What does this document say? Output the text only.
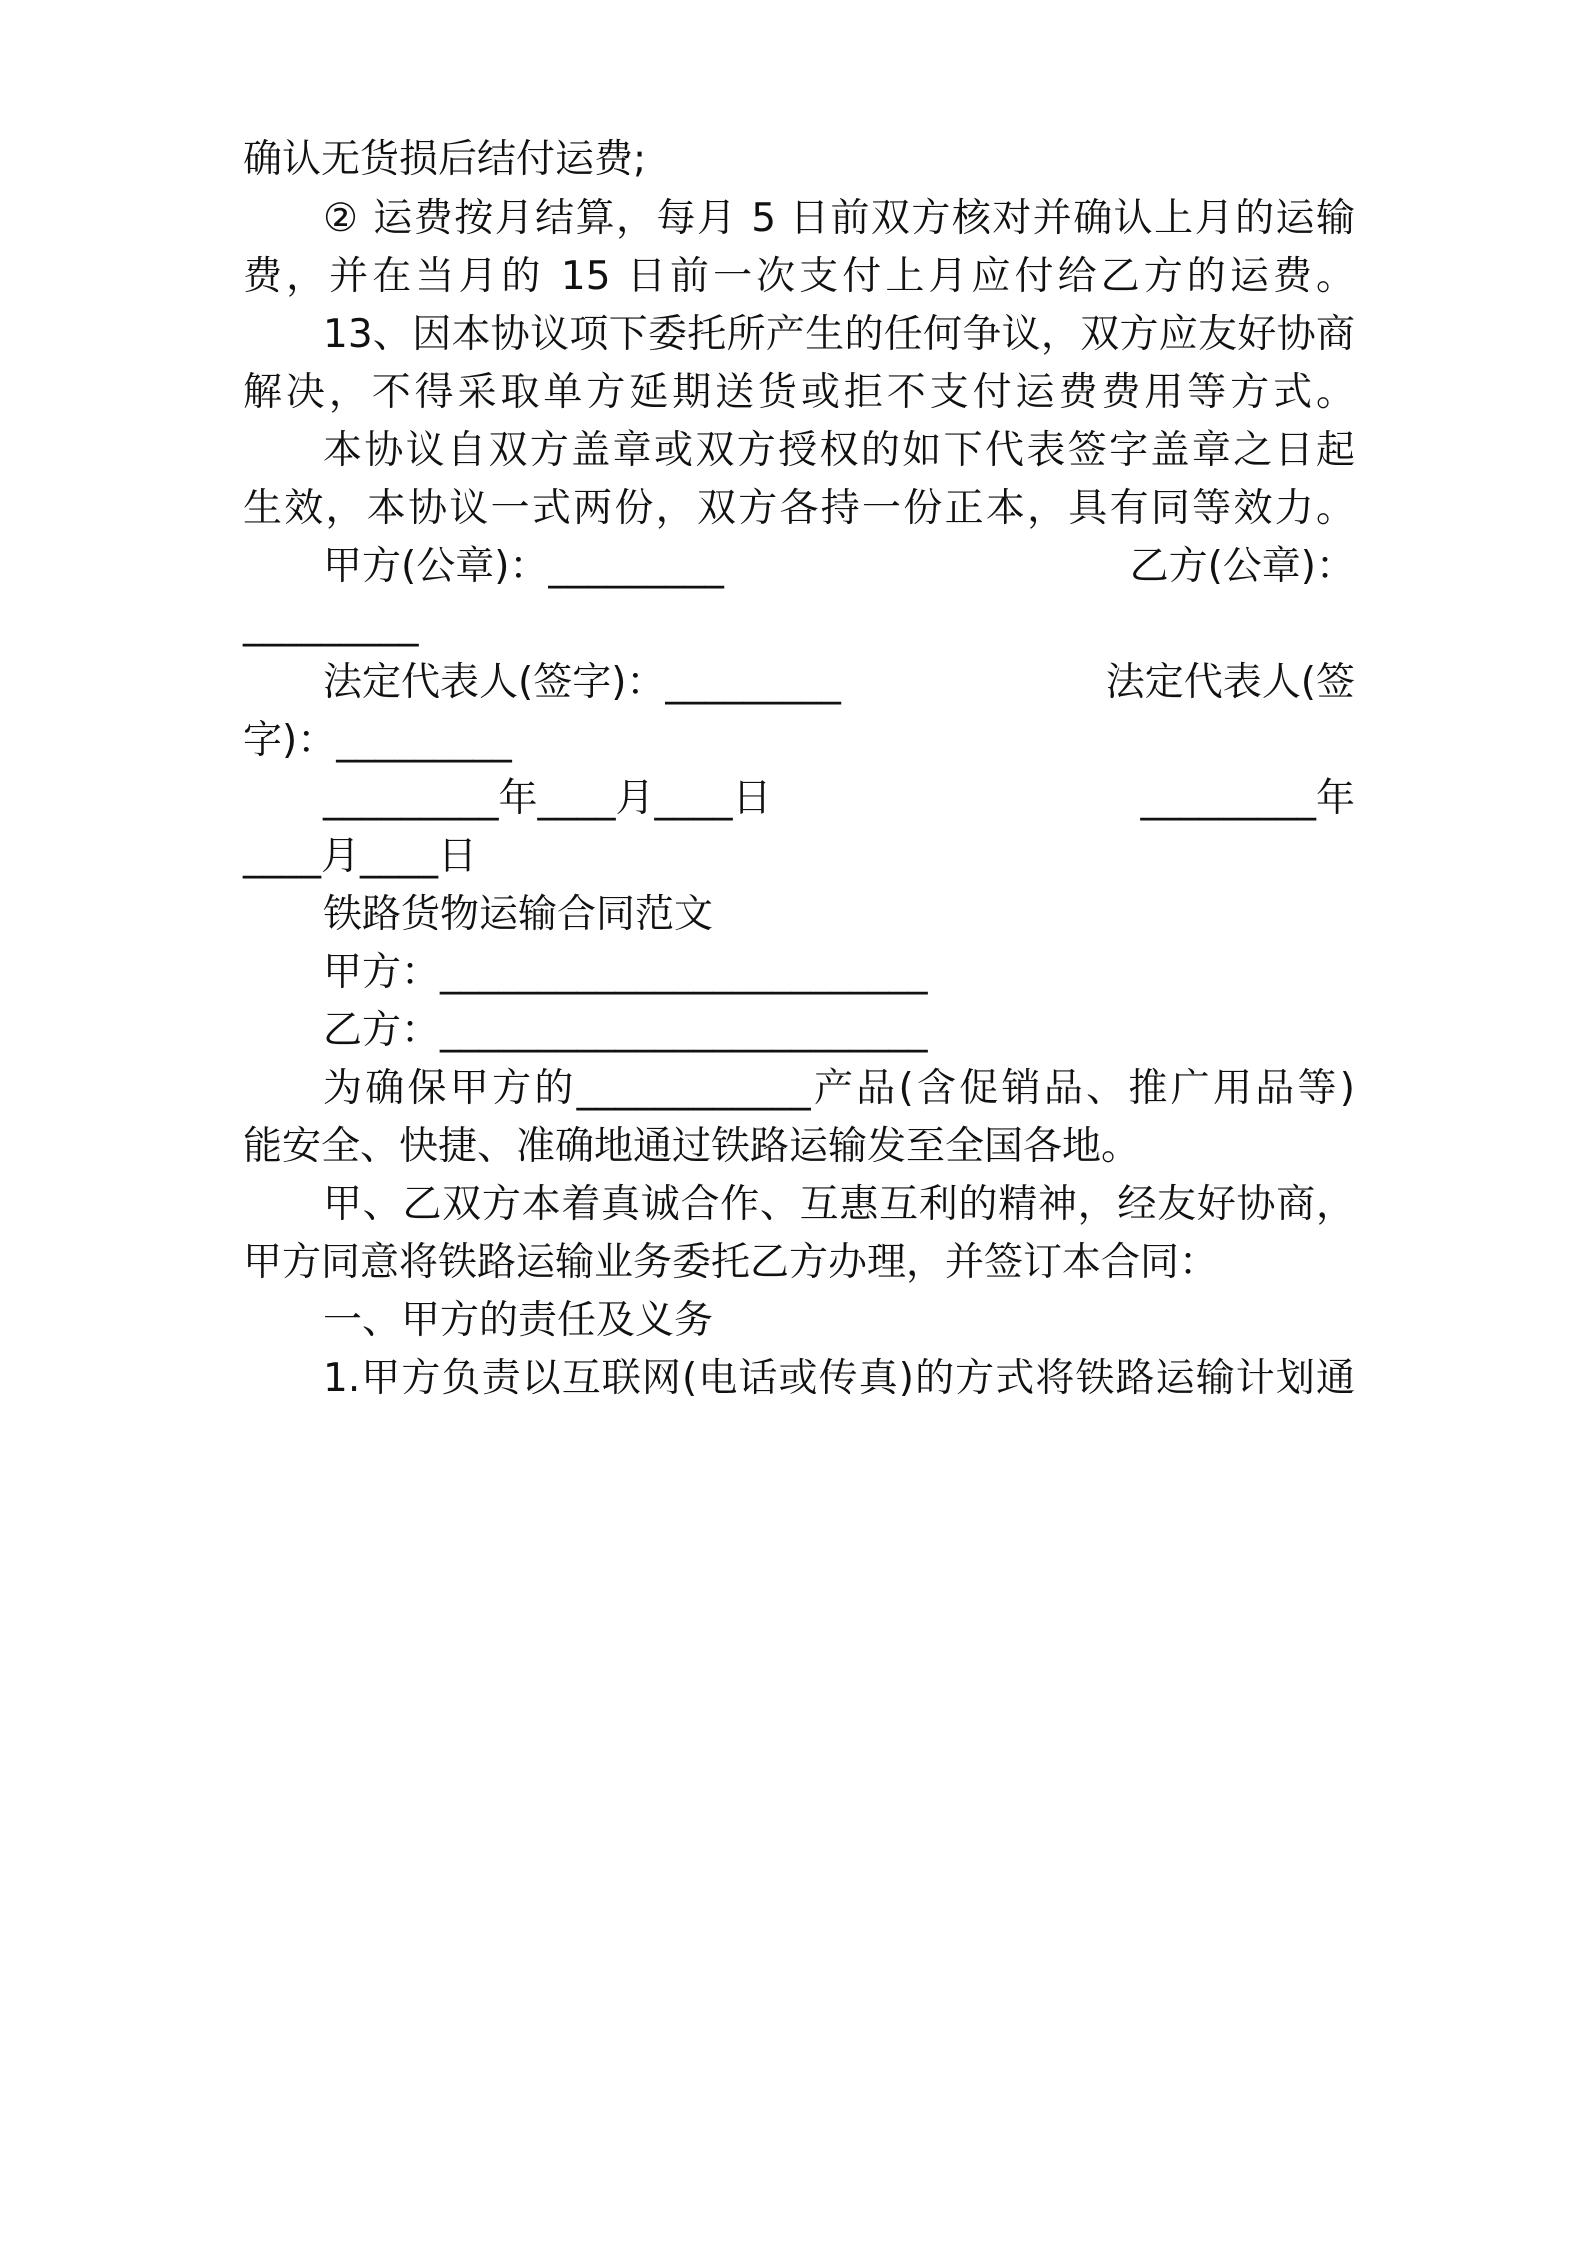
确认无货损后结付运费;
② 运费按月结算，每月 5 日前双方核对并确认上月的运输
费，并在当月的 15 日前一次支付上月应付给乙方的运费。
13、因本协议项下委托所产生的任何争议，双方应友好协商
解决，不得采取单方延期送货或拒不支付运费费用等方式。
本协议自双方盖章或双方授权的如下代表签字盖章之日起
生效，本协议一式两份，双方各持一份正本，具有同等效力。
甲方(公章)：_________	乙方(公章)：
_________
法定代表人(签字)：_________	法定代表人(签
字)：_________
_________年____月____日	_________年
____月____日
铁路货物运输合同范文
甲方：_________________________
乙方：_________________________
为确保甲方的____________产品(含促销品、推广用品等)
能安全、快捷、准确地通过铁路运输发至全国各地。
甲、乙双方本着真诚合作、互惠互利的精神，经友好协商，
甲方同意将铁路运输业务委托乙方办理，并签订本合同：
一、甲方的责任及义务
1.甲方负责以互联网(电话或传真)的方式将铁路运输计划通
